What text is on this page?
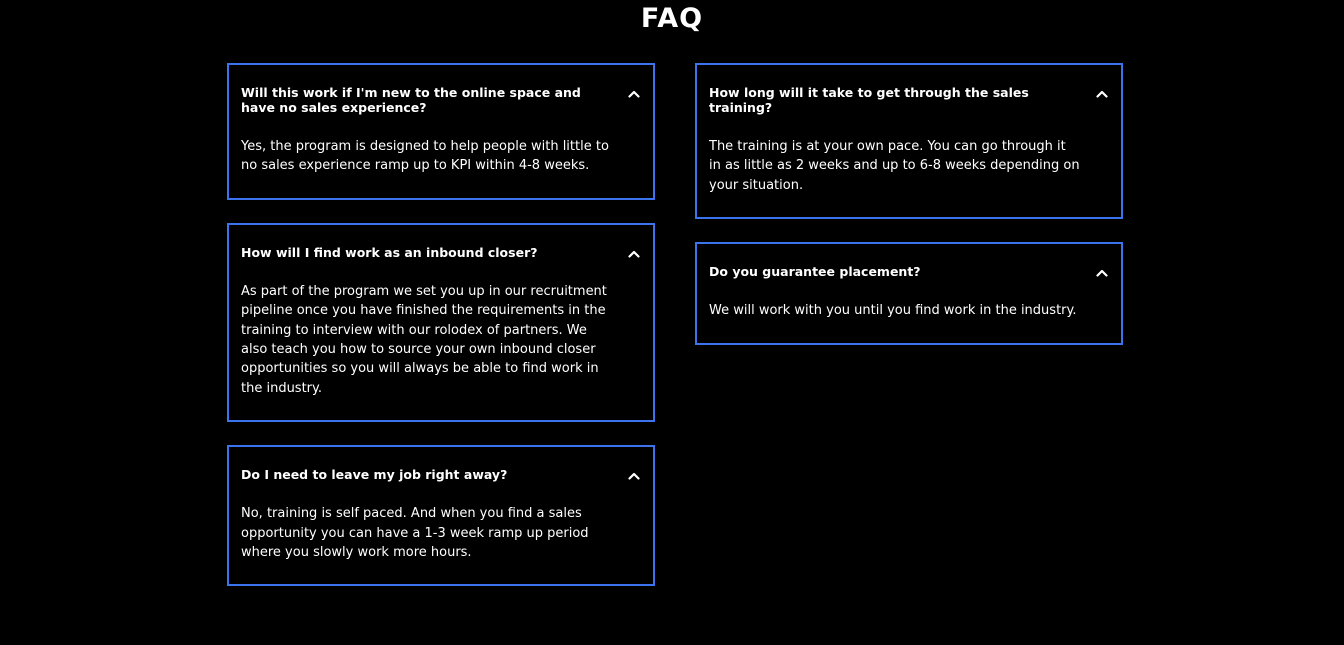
FAQ

Will this work if I'm new to the online space and have no sales experience?

Yes, the program is designed to help people with little to no sales experience ramp up to KPI within 4-8 weeks.

How will I find work as an inbound closer?

As part of the program we set you up in our recruitment pipeline once you have finished the requirements in the training to interview with our rolodex of partners. We also teach you how to source your own inbound closer opportunities so you will always be able to find work in the industry.

Do I need to leave my job right away?

No, training is self paced. And when you find a sales opportunity you can have a 1-3 week ramp up period where you slowly work more hours.

How long will it take to get through the sales training?

The training is at your own pace. You can go through it in as little as 2 weeks and up to 6-8 weeks depending on your situation.

Do you guarantee placement?

We will work with you until you find work in the industry.
